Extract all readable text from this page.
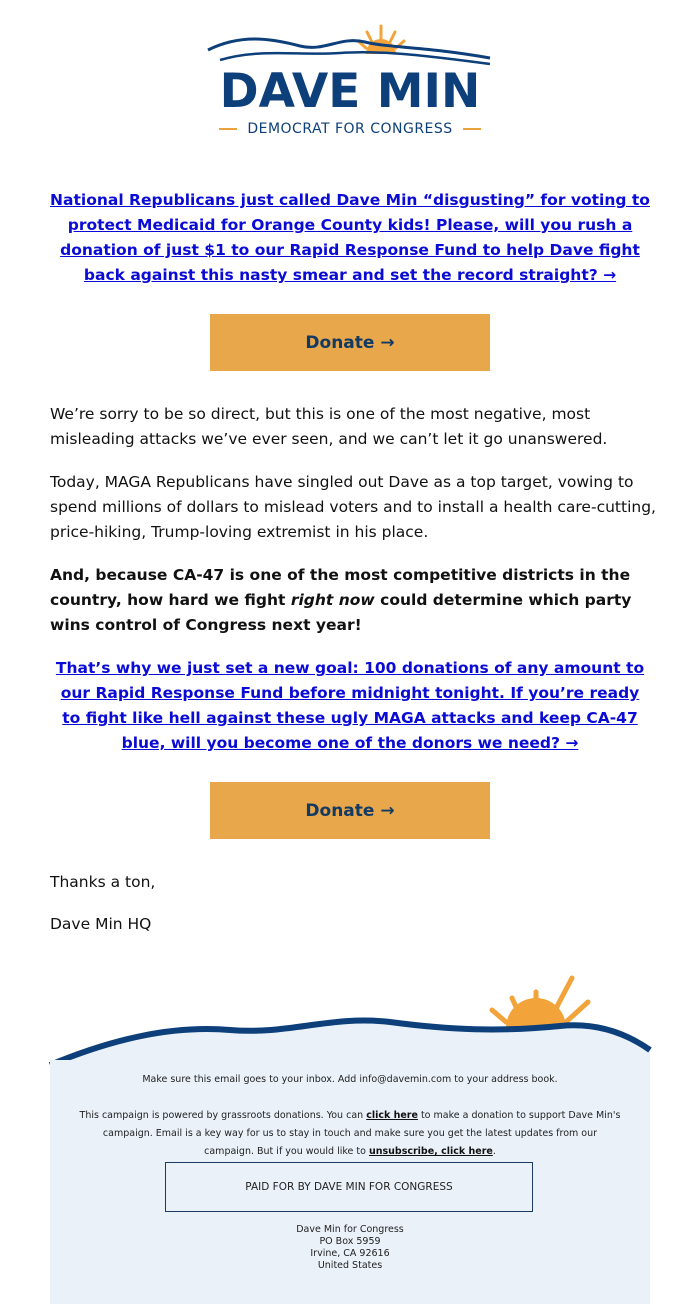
DAVE MIN
DEMOCRAT FOR CONGRESS
National Republicans just called Dave Min “disgusting” for voting to protect Medicaid for Orange County kids! Please, will you rush a donation of just $1 to our Rapid Response Fund to help Dave fight back against this nasty smear and set the record straight? →
Donate →
We’re sorry to be so direct, but this is one of the most negative, most misleading attacks we’ve ever seen, and we can’t let it go unanswered.
Today, MAGA Republicans have singled out Dave as a top target, vowing to spend millions of dollars to mislead voters and to install a health care-cutting, price-hiking, Trump-loving extremist in his place.
And, because CA-47 is one of the most competitive districts in the country, how hard we fight right now could determine which party wins control of Congress next year!
That’s why we just set a new goal: 100 donations of any amount to our Rapid Response Fund before midnight tonight. If you’re ready to fight like hell against these ugly MAGA attacks and keep CA-47 blue, will you become one of the donors we need? →
Donate →
Thanks a ton,
Dave Min HQ
Make sure this email goes to your inbox. Add info@davemin.com to your address book.
This campaign is powered by grassroots donations. You can click here to make a donation to support Dave Min's campaign. Email is a key way for us to stay in touch and make sure you get the latest updates from our campaign. But if you would like to unsubscribe, click here.
PAID FOR BY DAVE MIN FOR CONGRESS
Dave Min for Congress
PO Box 5959
Irvine, CA 92616
United States
